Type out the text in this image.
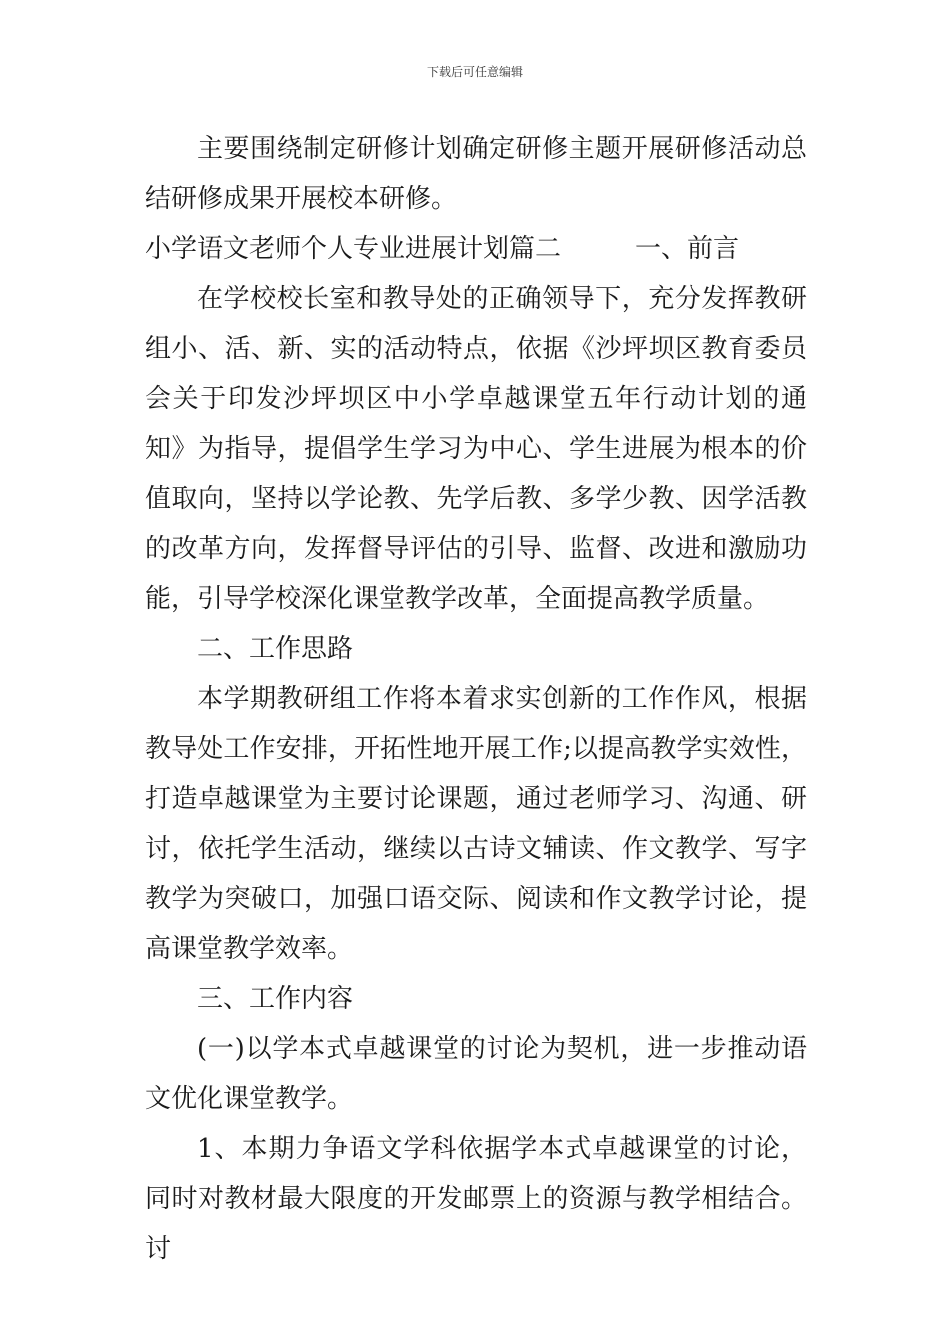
下载后可任意编辑

主要围绕制定研修计划确定研修主题开展研修活动总结研修成果开展校本研修。

小学语文老师个人专业进展计划篇二	一、前言

在学校校长室和教导处的正确领导下，充分发挥教研组小、活、新、实的活动特点，依据《沙坪坝区教育委员会关于印发沙坪坝区中小学卓越课堂五年行动计划的通知》为指导，提倡学生学习为中心、学生进展为根本的价值取向，坚持以学论教、先学后教、多学少教、因学活教的改革方向，发挥督导评估的引导、监督、改进和激励功能，引导学校深化课堂教学改革，全面提高教学质量。

二、工作思路

本学期教研组工作将本着求实创新的工作作风，根据教导处工作安排，开拓性地开展工作;以提高教学实效性，打造卓越课堂为主要讨论课题，通过老师学习、沟通、研讨，依托学生活动，继续以古诗文辅读、作文教学、写字教学为突破口，加强口语交际、阅读和作文教学讨论，提高课堂教学效率。

三、工作内容

(一)以学本式卓越课堂的讨论为契机，进一步推动语文优化课堂教学。

1、本期力争语文学科依据学本式卓越课堂的讨论，同时对教材最大限度的开发邮票上的资源与教学相结合。讨
